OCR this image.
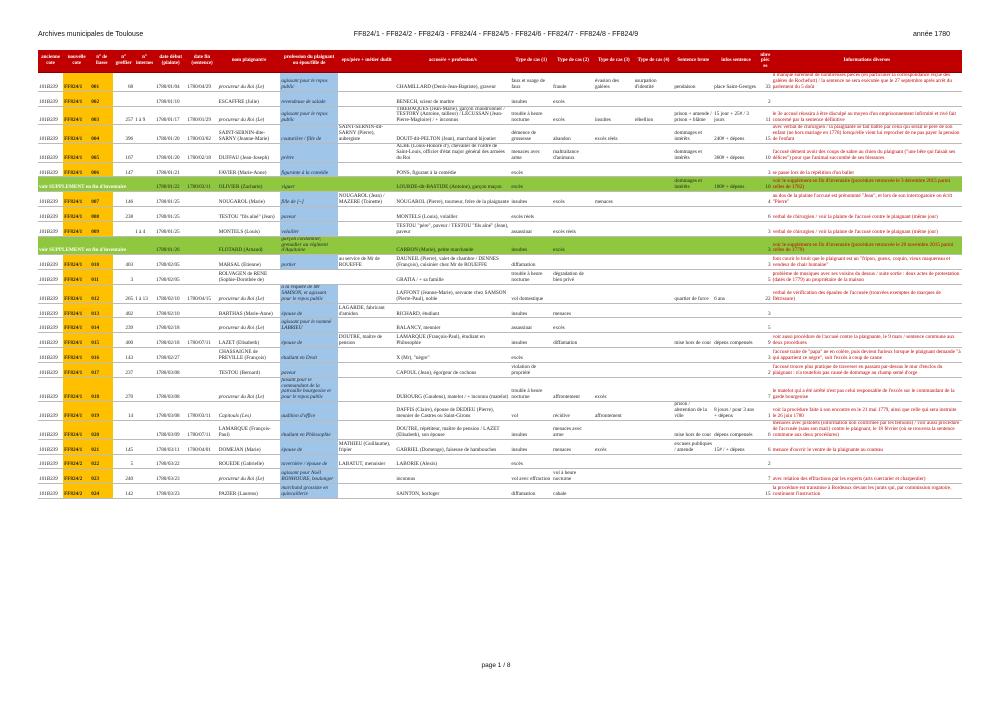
Archives municipales de Toulouse	FF824/1 - FF824/2 - FF824/3 - FF824/4 - FF824/5 - FF824/6 - FF824/7 - FF824/8 - FF824/9	année 1780
ancienne cote	nouvelle cote	n° de liasse	n° greffier	n° internes	date début (plainte)	date fin (sentence)	nom plaignant/e	profession du plaignant ou épou/fille de	epx/père + métier dudit	accusé/e + profession/s	Type de cas (1)	Type de cas (2)	Type de cas (3)	Type de cas (4)	Sentence brute	infos sentence	nbre pièces	Informations diverses
101B339	FF824/1	001	68		1780/01/04	1780/04/29	procureur du Roi (Le)	agissant pour le repos public		CHAMILLARD (Denis-Jean-Baptiste), graveur	faux et usage de faux	fraude	évasion des galères	usurpation d'identité	pendaison	place Saint-Georges	33	il manque sûrement de nombreuses pièces (en particulier la correspondance reçue des galères de Rochefort) / la sentence ne sera exécutée que le 27 septembre après arrêt du parlement du 5 doût
101B339	FF824/1	002			1780/01/10		ESCAFFRE (Julie)	revendeuse de salade		BENECH, scieur de marbre	insultes	excès					2	
101B339	FF824/1	003	257	1 à 9	1780/01/17	1780/01/29	procureur du Roi (Le)	agissant pour le repos public		TIREBAQUES (Jean-Marie), garçon chaudronnier / TESTORY (Antoine, tailleur) / LECUSSAN (Jean-Pierre-Magloire) / + inconnus	trouble à heure nocturne	excès	insultes	rébellion	prison + amende / prison + blâme	15 jour + 25# / 3 jours	11	le 3e accusé réussira à être disculpé au moyen d'un emprisonnement infirmité et rivé fait concerné par la sentence définitive
101B339	FF824/1	004	396		1780/01/20	1780/03/02	SAINT-SERNIN-dite-SARNY (Jeanne-Marie)	couturière / fille de	SAINT-SERNIN-dit-SARNY (Pierre), aubergiste	DOUIT-dit-PELTON (Jean), marchand bijoutier	démence de grossesse	abandon	excès réels		dommages et intérêts	240# + dépens	15	avec verbal de chirurgien / la plaignante se fait battre par celui qui serait le père de son enfant (ne hors mariage en 1778) lorsqu'elle vient lui reprocher de ne pas payer la pension de l'enfant
101B339	FF824/1	005	167		1780/01/20	1780/02/18	DUFFAU (Jean-Joseph)	prêtre		ALBE (Louis-Honoré d'), chevalier de l'ordre de Saint-Louis, officier d'état major général des armées du Roi	menaces avec arme	maltraitance d'animaux			dommages et intérêts	360# + dépens	10	l'accusé dément avoir des coups de sabre au chien du plaignant ("une bête qui faisait ses délices") pour que l'animal succombé de ses blessures
101B339	FF824/1	006	147		1780/01/21		FAVIER (Marie-Anne)	figurante à la comédie		PONS, figurant à la comédie	excès						3	se passe lors de la répétition d'un ballet
voir SUPPLEMENT en fin d'inventaire					1780/01/22	1780/03/11	OLIVIER (Zacharie)	viguer		LOURDE-dit-BASTIDE (Antoine), garçon maçon	excès				dommages et intérêts	100# + dépens	10	voir le supplément en fin d'inventaire (procédure retrouvée le 3 décembre 2015 parmi celles de 1782)
101B339	FF824/1	007	146		1780/01/25		NOUGAROL (Marie)	fille de [~]	NOUGAROL (Jean) / MAZERE (Toinette)	NOUGAROL (Pierre), tourneur, frère de la plaignante	insultes	excès	menaces				4	au dos de la plainte l'accusé est prénommé "Jean", et lors de son interrogatoire on écrit "Pierre"
101B339	FF824/1	008	238		1780/01/25		TESTOU "fils aîné" (Jean)	paveur		MONTELS (Louis), volailler	excès réels						6	verbal de chirurgien / voir la plainte de l'accusé contre le plaignant (même jour)
101B339	FF824/1	009		1 à 4	1780/01/25		MONTELS (Louis)	volailler		TESTOU "père", paveur / TESTOU "fils aîné" (Jean), paveur	assassinat	excès réels					3	verbal de chirurgien / voir la plainte de l'accusé contre le plaignant (même jour)
voir SUPPLEMENT en fin d'inventaire					1780/01/26		FLOTARD (Arnaud)	garçon cordonnier, grenadier au régiment d'Aquitaine		CARBON (Marie), petite marchande	insultes	excès					3	voir le supplément en fin d'inventaire (procédure retrouvée le 20 novembre 2015 parmi celles de 1779)
101B339	FF824/1	010	403		1780/02/05		MARSAL (Etienne)	portier	au service de Mr de ROUEFFE	DAUNEIL (Pierre), valet de chambre / DENNES (François), cuisinier chez Mr de ROUEFFE	diffamation						3	font courir le bruit que le plaignant est un "fripon, gueux, coquin, vieux maquereau et vendeur de chair humaine"
101B339	FF824/1	011	3		1780/02/05		ROLVAGEN de RENE (Sophie-Dorothée de)			GRATIA / + sa famille	trouble à heure nocturne	dégradation de bien privé					5	problème de musiques avec ses voisins du dessus / suite sortie : deux actes de protestation (datés de 1779) au propriétaire de la maison
101B339	FF824/1	012	265	1 à 13	1780/02/10	1780/04/15	procureur du Roi (Le)	à la requête de Mr SAMSON, et agissant pour le repos public		LAFFONT (Jeanne-Marie), servante chez SAMSON (Pierre-Paul), noble	vol domestique				quartier de force	6 ans	22	verbal de vérification des épaules de l'accusée (trouvées exemptes de marques de flétrissure)
101B339	FF824/1	013	402		1780/02/10		BARTHAS (Marie-Anne)	épouse de	LAGARDE, fabricant d'amidon	RICHARD, étudiant	insultes	menaces					3	
101B339	FF824/1	014	239		1780/02/18		procureur du Roi (Le)	agissant pour le nommé LABRIEU		BALANCY, meunier	assassinat	excès					5	
101B339	FF824/1	015	400		1780/02/18	1780/07/11	LAZET (Elisabeth)	épouse de	DOUTRE, maître de pension	LAMARQUE (François-Paul), étudiant en Philosophie	insultes	diffamation			mise hors de cour	dépens compensés	9	voir aussi procédure de l'accusé contre la plaignante, le 9 mars / sentence commune aux deux procédures
101B339	FF824/1	016	143		1780/02/27		CHASSAIGNE de PREVILLE (François)	étudiant en Droit		X (Mr), "nègre"	excès						3	l'accusé traite de "papa" ne en colère, puis devient furieux lorsque le plaignant demande "à qui appartient ce nègre", soit l'excès à coup de canne
101B339	FF824/1	017	237		1780/03/08		TESTOU (Bernard)	paveur		CAPOUL (Jean), égorgeur de cochons	violation de propriété						2	l'accusé trouve plus pratique de traverser en passant par-dessus le mur d'enclos du plaignant : n'a toutefois pas causé de dommage au champ semé d'orge
101B339	FF824/1	018	270		1780/03/08		procureur du Roi (Le)	faisant pour le commandant de la patrouille bourgeoise et pour le repos public		DUBOURG (Gaudens), matelot / + inconnu (matelot)	trouble à heure nocturne	affrontement	excès				7	le matelot qui a été arrêté n'est pas celui responsable de l'excès sur le commandant de la garde bourgeoise
101B339	FF824/1	019	14		1780/03/08	1780/03/11	Capitouls (Les)	audition d'office		DAFFIS (Claire), épouse de DEDIEU (Pierre), meunier de Castres ou Saint-Girons	vol	récidive	affrontement		prison / abstention de la ville	8 jours / pour 3 ans + dépens	1	voir la procédure faite à son encontre en le 21 mai 1779, ainsi que celle qui sera instruite le 26 juin 1780
101B339	FF824/1	020			1780/03/09	1780/07/11	LAMARQUE (François-Paul)	étudiant en Philosophie		DOUTRE, répétiteur, maître de pension / LAZET (Elisabeth), son épouse	insultes	menaces avec arme			mise hors de cour	dépens compensés	6	menaces avec pistolets (information non confirmée par les témoins) / voir aussi procédure de l'accusée (sans son mari) contre le plaignant, le 18 février (où se trouvera la sentence commune aux deux procédures)
101B339	FF824/1	021	145		1780/03/11	1780/04/01	DOMEJAN (Marie)	épouse de	MATHIEU (Guillaume), fripier	GABRIEL (Domenge), faiseuse de hambouches	insultes	menaces	excès		excuses publiques / amende	15# / + dépens	6	menace d'ouvrir le ventre de la plaignante au couteau
101B339	FF824/2	022	5		1780/03/22		ROUEDE (Gabrielle)	tavernière / épouse de	LABATUT, menuisier	LABORIE (Alexis)	excès						2	
101B339	FF824/2	023	240		1780/03/23		procureur du Roi (Le)	agissant pour Noël BONHOURE, boulanger		inconnus	vol avec effraction	vol à heure nocturne					7	avec relation des effractions par les experts (arts cuerrarier et charpentier)
101B339	FF824/2	024	142		1780/03/23		PAZIER (Laurens)	marchand grossiste en quincaillerie		SAINTON, horloger	diffamation	cabale					15	la procédure est transmise à Bordeaux devant les jurats qui, par commission rogatoire, continuent l'instruction
page 1 / 8
